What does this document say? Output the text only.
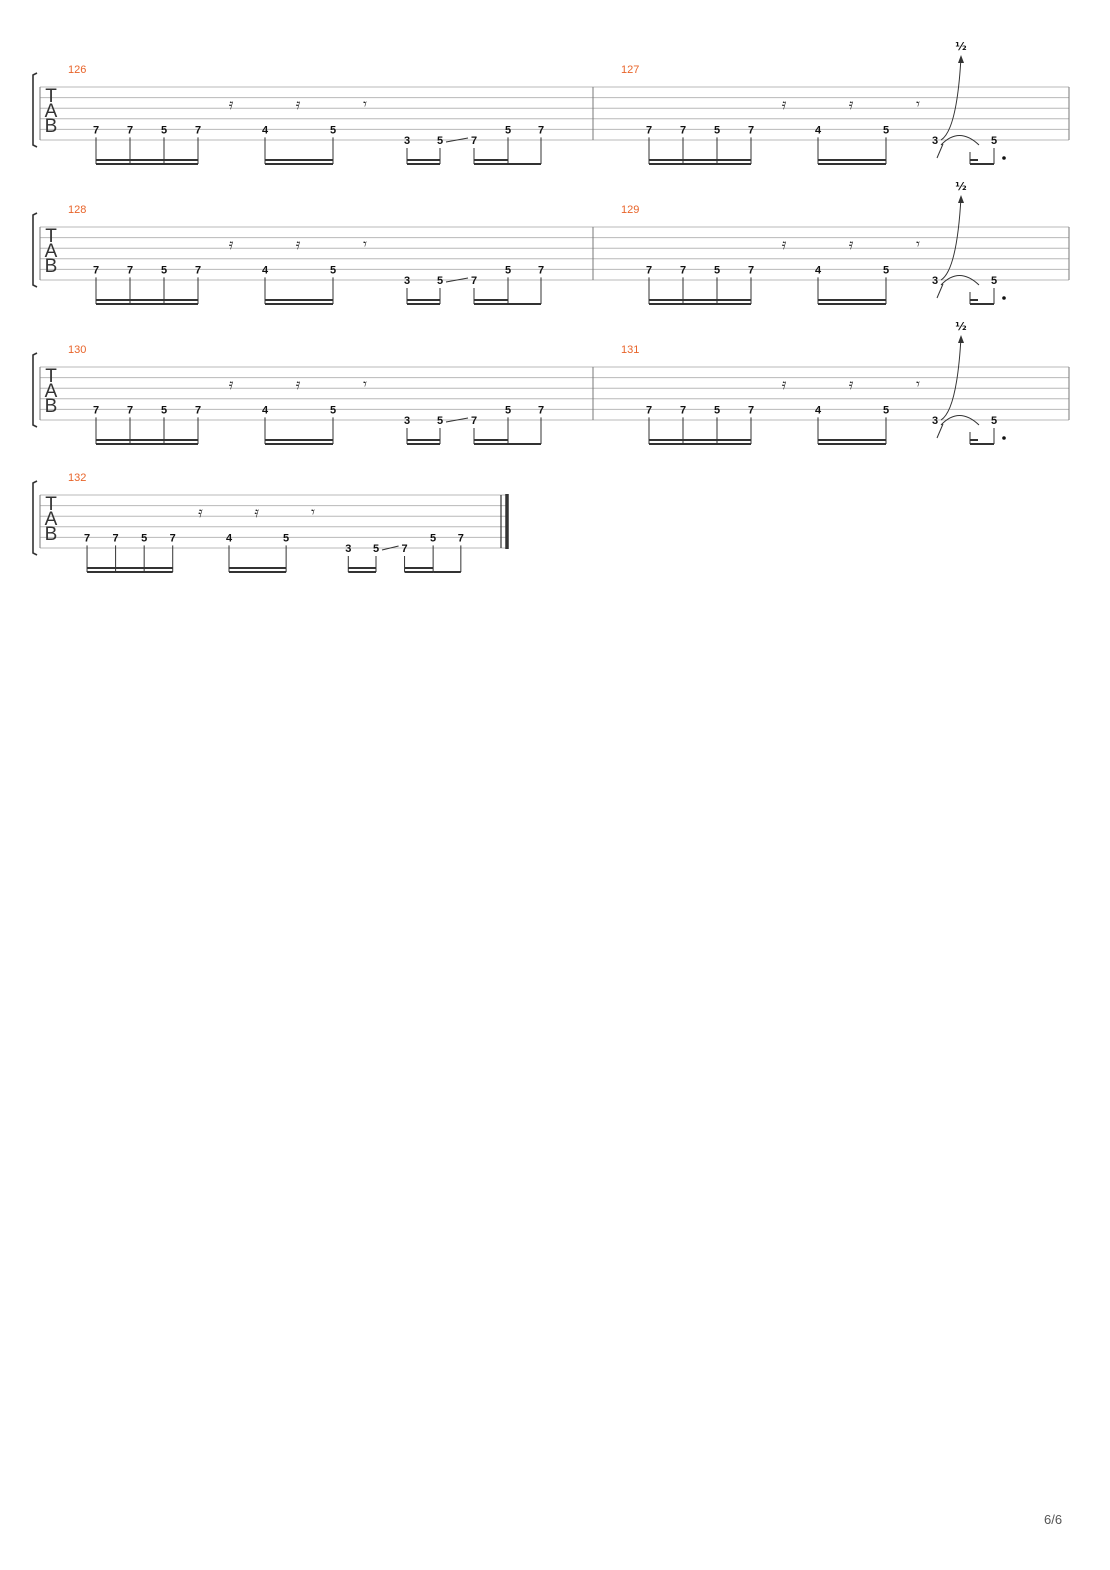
T
A
B
126
7	7	5	7	4	5
𝄿	𝄿	𝄾
3 5	7
5 7
127
7	7	5	7	4	5
𝄿	𝄿	𝄾
3
½
5
T
A
B
128
7	7	5	7	4	5
𝄿	𝄿	𝄾
3 5	7
5 7
129
7	7	5	7	4	5
𝄿	𝄿	𝄾
3
½
5
T
A
B
130
7	7	5	7	4	5
𝄿	𝄿	𝄾
3 5	7
5 7
131
7	7	5	7	4	5
𝄿	𝄿	𝄾
3
½
5
T
A
B
132
7 7 5 7	4	5
𝄿	𝄿	𝄾
3 5 7
5 7
6/6
